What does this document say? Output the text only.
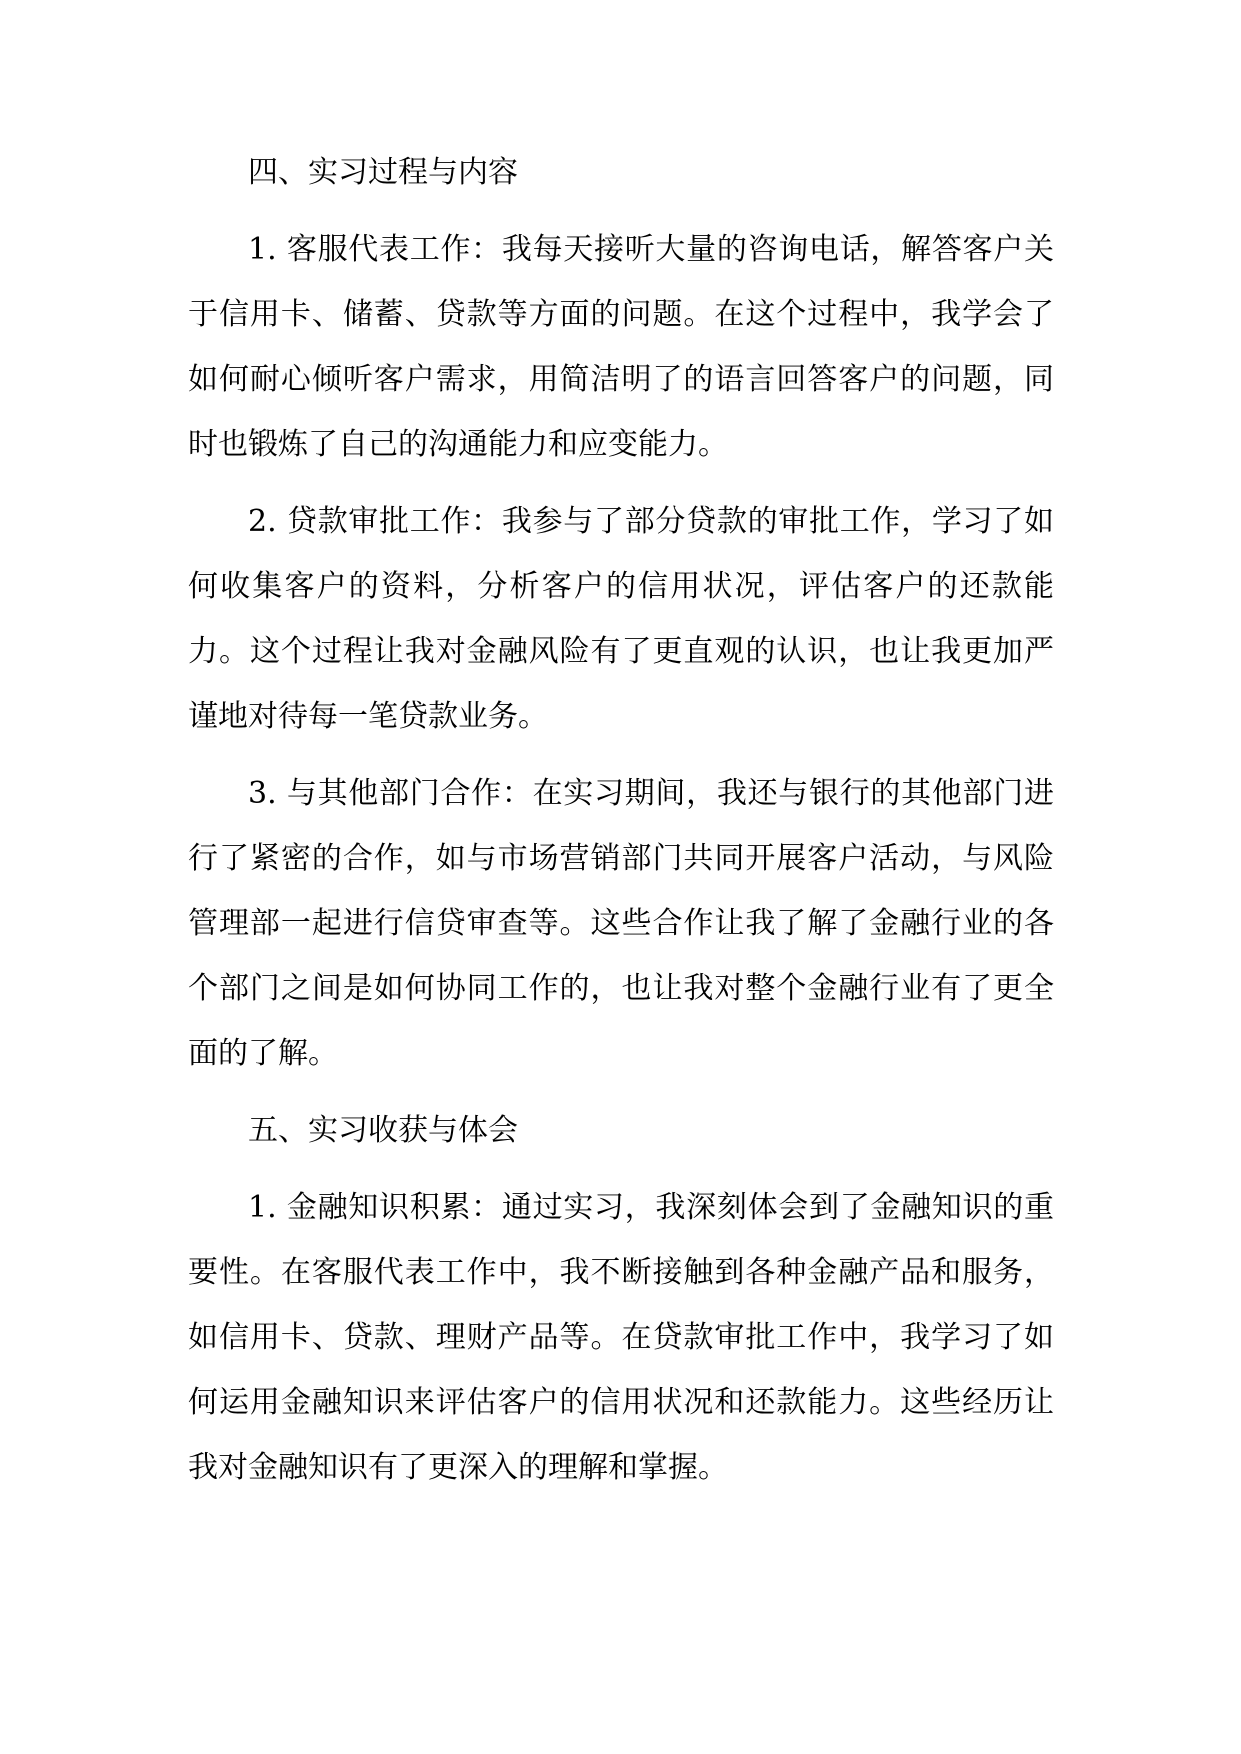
四、实习过程与内容

1. 客服代表工作：我每天接听大量的咨询电话，解答客户关于信用卡、储蓄、贷款等方面的问题。在这个过程中，我学会了如何耐心倾听客户需求，用简洁明了的语言回答客户的问题，同时也锻炼了自己的沟通能力和应变能力。

2. 贷款审批工作：我参与了部分贷款的审批工作，学习了如何收集客户的资料，分析客户的信用状况，评估客户的还款能力。这个过程让我对金融风险有了更直观的认识，也让我更加严谨地对待每一笔贷款业务。

3. 与其他部门合作：在实习期间，我还与银行的其他部门进行了紧密的合作，如与市场营销部门共同开展客户活动，与风险管理部一起进行信贷审查等。这些合作让我了解了金融行业的各个部门之间是如何协同工作的，也让我对整个金融行业有了更全面的了解。

五、实习收获与体会

1. 金融知识积累：通过实习，我深刻体会到了金融知识的重要性。在客服代表工作中，我不断接触到各种金融产品和服务，如信用卡、贷款、理财产品等。在贷款审批工作中，我学习了如何运用金融知识来评估客户的信用状况和还款能力。这些经历让我对金融知识有了更深入的理解和掌握。
